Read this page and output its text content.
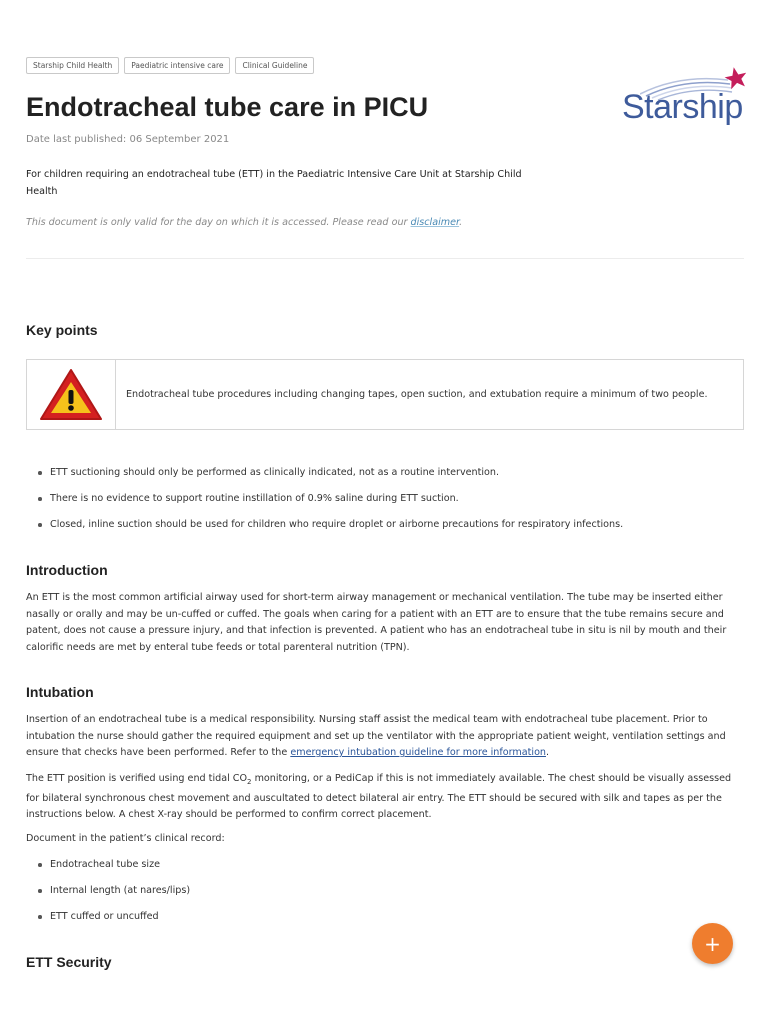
Starship Child Health	Paediatric intensive care	Clinical Guideline
Starship
Endotracheal tube care in PICU
Date last published: 06 September 2021
For children requiring an endotracheal tube (ETT) in the Paediatric Intensive Care Unit at Starship Child Health
This document is only valid for the day on which it is accessed. Please read our disclaimer.
Key points
Endotracheal tube procedures including changing tapes, open suction, and extubation require a minimum of two people.
ETT suctioning should only be performed as clinically indicated, not as a routine intervention.
There is no evidence to support routine instillation of 0.9% saline during ETT suction.
Closed, inline suction should be used for children who require droplet or airborne precautions for respiratory infections.
Introduction

An ETT is the most common artificial airway used for short-term airway management or mechanical ventilation. The tube may be inserted either nasally or orally and may be un-cuffed or cuffed. The goals when caring for a patient with an ETT are to ensure that the tube remains secure and patent, does not cause a pressure injury, and that infection is prevented. A patient who has an endotracheal tube in situ is nil by mouth and their calorific needs are met by enteral tube feeds or total parenteral nutrition (TPN).

Intubation

Insertion of an endotracheal tube is a medical responsibility. Nursing staff assist the medical team with endotracheal tube placement. Prior to intubation the nurse should gather the required equipment and set up the ventilator with the appropriate patient weight, ventilation settings and ensure that checks have been performed. Refer to the emergency intubation guideline for more information.

The ETT position is verified using end tidal $CO_2$ monitoring, or a PediCap if this is not immediately available. The chest should be visually assessed for bilateral synchronous chest movement and auscultated to detect bilateral air entry. The ETT should be secured with silk and tapes as per the instructions below. A chest X-ray should be performed to confirm correct placement.

Document in the patient’s clinical record:

Endotracheal tube size
Internal length (at nares/lips)
ETT cuffed or uncuffed
ETT Security
+
